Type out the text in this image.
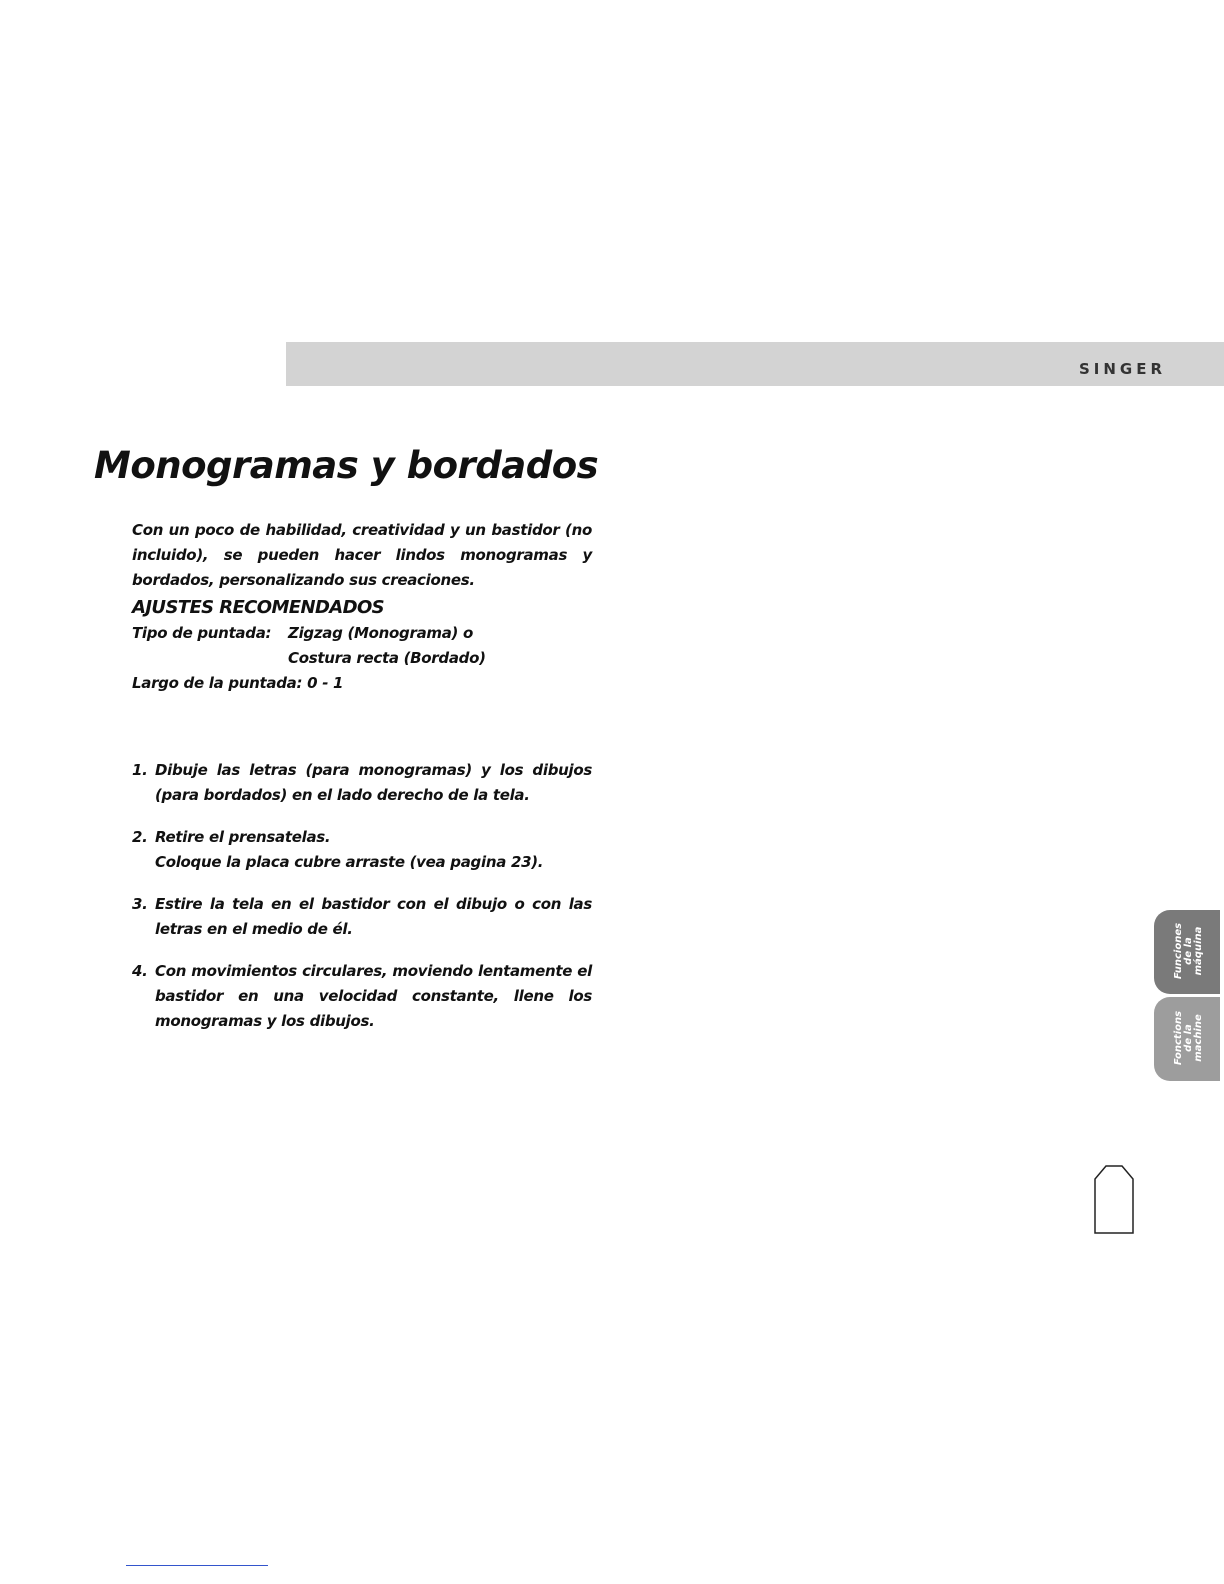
SINGER
Monogramas y bordados

Con un poco de habilidad, creatividad y un bastidor (no incluido), se pueden hacer lindos monogramas y bordados, personalizando sus creaciones.

AJUSTES RECOMENDADOS
Tipo de puntada: Zigzag (Monograma) o
Costura recta (Bordado)
Largo de la puntada: 0 - 1
1. Dibuje las letras (para monogramas) y los dibujos (para bordados) en el lado derecho de la tela.
2. Retire el prensatelas.
Coloque la placa cubre arraste (vea pagina 23).
3. Estire la tela en el bastidor con el dibujo o con las letras en el medio de él.
4. Con movimientos circulares, moviendo lentamente el bastidor en una velocidad constante, llene los monogramas y los dibujos.
Funciones de la máquina
Fonctions de la machine
